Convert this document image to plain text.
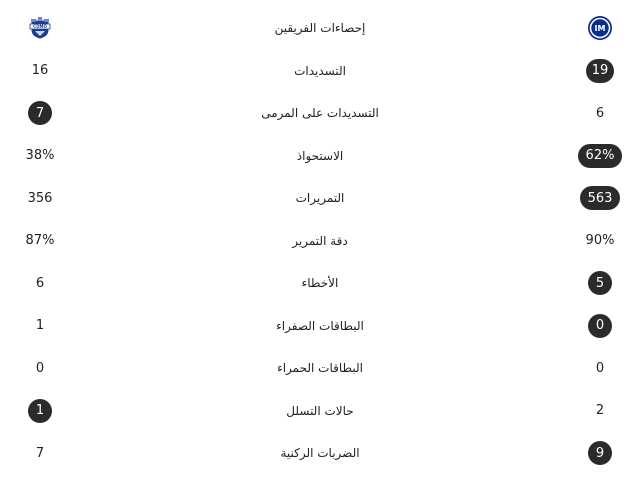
COMO	إحصاءات الفريقين	IM
16	التسديدات	19
7	التسديدات على المرمى	6
38%	الاستحواذ	62%
356	التمريرات	563
87%	دقة التمرير	90%
6	الأخطاء	5
1	البطاقات الصفراء	0
0	البطاقات الحمراء	0
1	حالات التسلل	2
7	الضربات الركنية	9
